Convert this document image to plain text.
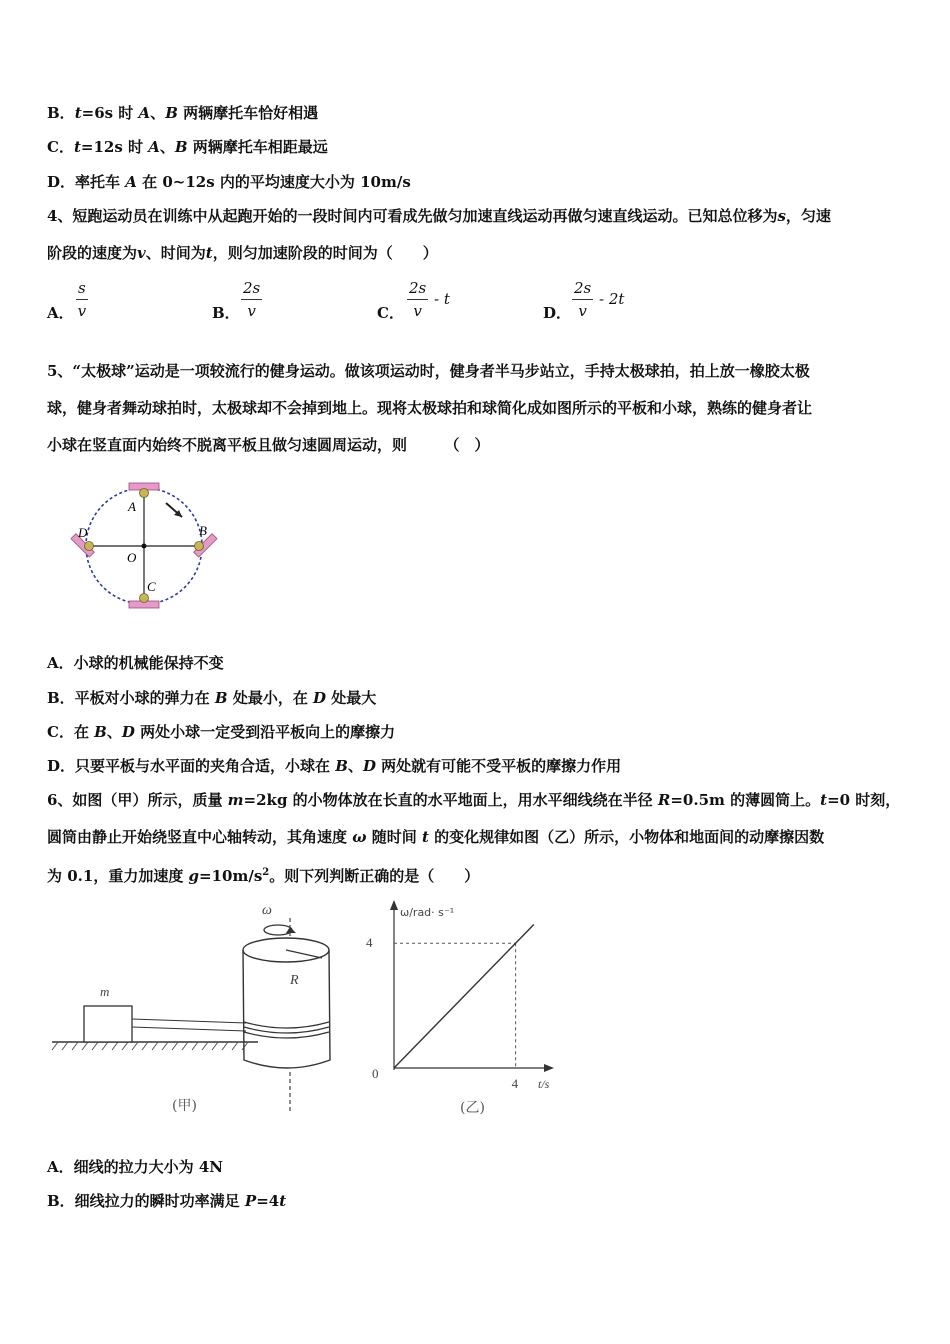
B．t=6s 时 A、B 两辆摩托车恰好相遇
C．t=12s 时 A、B 两辆摩托车相距最远
D．率托车 A 在 0~12s 内的平均速度大小为 10m/s
4、短跑运动员在训练中从起跑开始的一段时间内可看成先做匀加速直线运动再做匀速直线运动。已知总位移为s，匀速
阶段的速度为v、时间为t，则匀加速阶段的时间为（　　）
A．
s
v	B．
2s
v	C．
2s
v
- t
D．
2s
v
- 2t
5、“太极球”运动是一项较流行的健身运动。做该项运动时，健身者半马步站立，手持太极球拍，拍上放一橡胶太极
球，健身者舞动球拍时，太极球却不会掉到地上。现将太极球拍和球简化成如图所示的平板和小球，熟练的健身者让
小球在竖直面内始终不脱离平板且做匀速圆周运动，则　　　（　）
A
B
C
D
O
A．小球的机械能保持不变
B．平板对小球的弹力在 B 处最小，在 D 处最大
C．在 B、D 两处小球一定受到沿平板向上的摩擦力
D．只要平板与水平面的夹角合适，小球在 B、D 两处就有可能不受平板的摩擦力作用
6、如图（甲）所示，质量 m=2kg 的小物体放在长直的水平地面上，用水平细线绕在半径 R=0.5m 的薄圆筒上。t=0 时刻，
圆筒由静止开始绕竖直中心轴转动，其角速度 ω 随时间 t 的变化规律如图（乙）所示，小物体和地面间的动摩擦因数
为 0.1，重力加速度 $g=10m/s^2$。则下列判断正确的是（　　）
m
R
ω
(甲)
ω/rad· s⁻¹
t/s
0
4
4
(乙)
A．细线的拉力大小为 4N
B．细线拉力的瞬时功率满足 P=4t
